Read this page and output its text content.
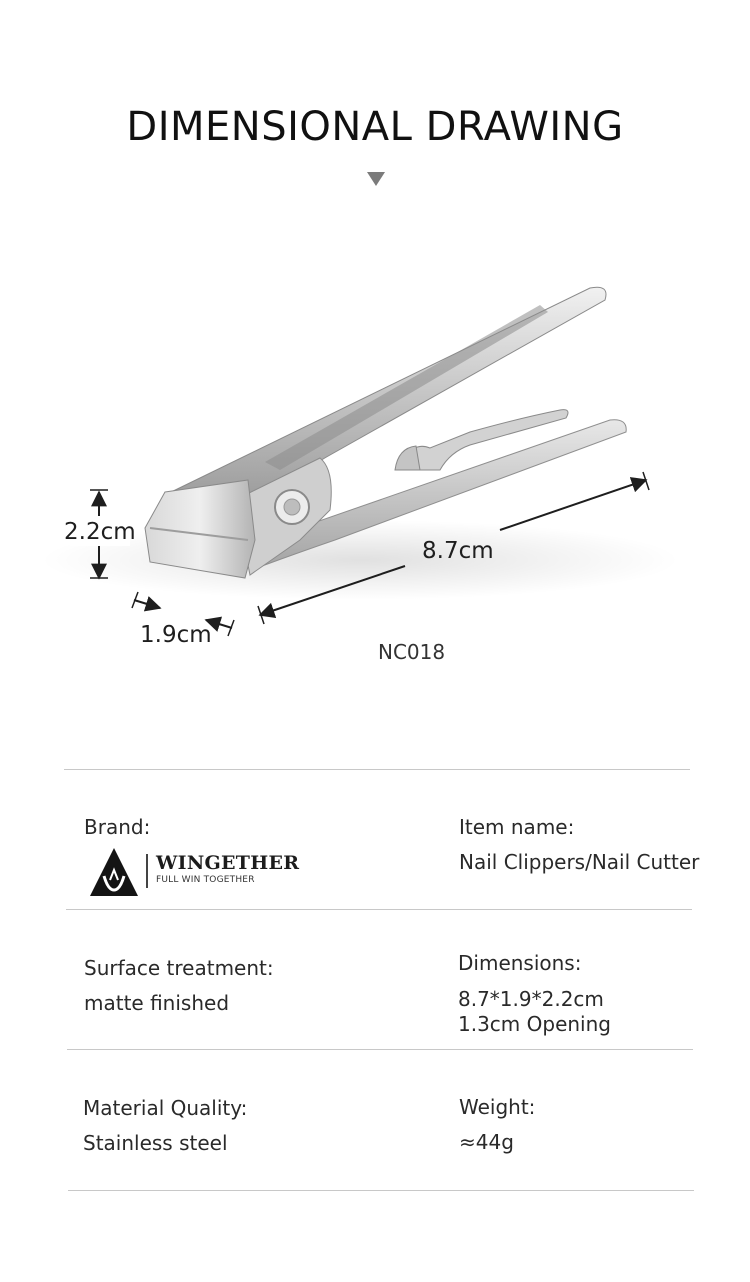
DIMENSIONAL DRAWING
2.2cm
1.9cm
8.7cm
NC018
Brand:
WINGETHER
FULL WIN TOGETHER
Item name:
Nail Clippers/Nail Cutter
Surface treatment:
matte finished
Dimensions:
8.7*1.9*2.2cm
1.3cm Opening
Material Quality:
Stainless steel
Weight:
≈44g
